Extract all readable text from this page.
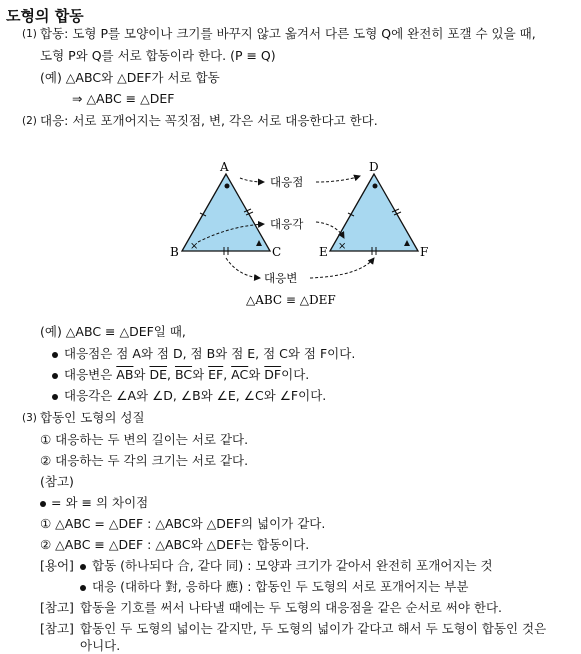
도형의 합동
(1) 합동: 도형 P를 모양이나 크기를 바꾸지 않고 옮겨서 다른 도형 Q에 완전히 포갤 수 있을 때,
도형 P와 Q를 서로 합동이라 한다. (P ≡ Q)
(예) △ABC와 △DEF가 서로 합동
⇒ △ABC ≡ △DEF
(2) 대응: 서로 포개어지는 꼭짓점, 변, 각은 서로 대응한다고 한다.
×	×
A
B	C
D
E	F
대응점
대응각
대응변
△ABC ≡ △DEF
(예) △ABC ≡ △DEF일 때,
대응점은 점 A와 점 D, 점 B와 점 E, 점 C와 점 F이다.
대응변은 $\overline{AB}$와 $\overline{DE}$, $\overline{BC}$와 $\overline{EF}$, $\overline{AC}$와 $\overline{DF}$이다.
대응각은 ∠A와 ∠D, ∠B와 ∠E, ∠C와 ∠F이다.
(3) 합동인 도형의 성질
① 대응하는 두 변의 길이는 서로 같다.
② 대응하는 두 각의 크기는 서로 같다.
(참고)
= 와 ≡ 의 차이점
① △ABC = △DEF : △ABC와 △DEF의 넓이가 같다.
② △ABC ≡ △DEF : △ABC와 △DEF는 합동이다.
[용어] 합동 (하나되다 合, 같다 同) : 모양과 크기가 같아서 완전히 포개어지는 것
대응 (대하다 對, 응하다 應) : 합동인 두 도형의 서로 포개어지는 부분
[참고] 합동을 기호를 써서 나타낼 때에는 두 도형의 대응점을 같은 순서로 써야 한다.
[참고] 합동인 두 도형의 넓이는 같지만, 두 도형의 넓이가 같다고 해서 두 도형이 합동인 것은
아니다.
